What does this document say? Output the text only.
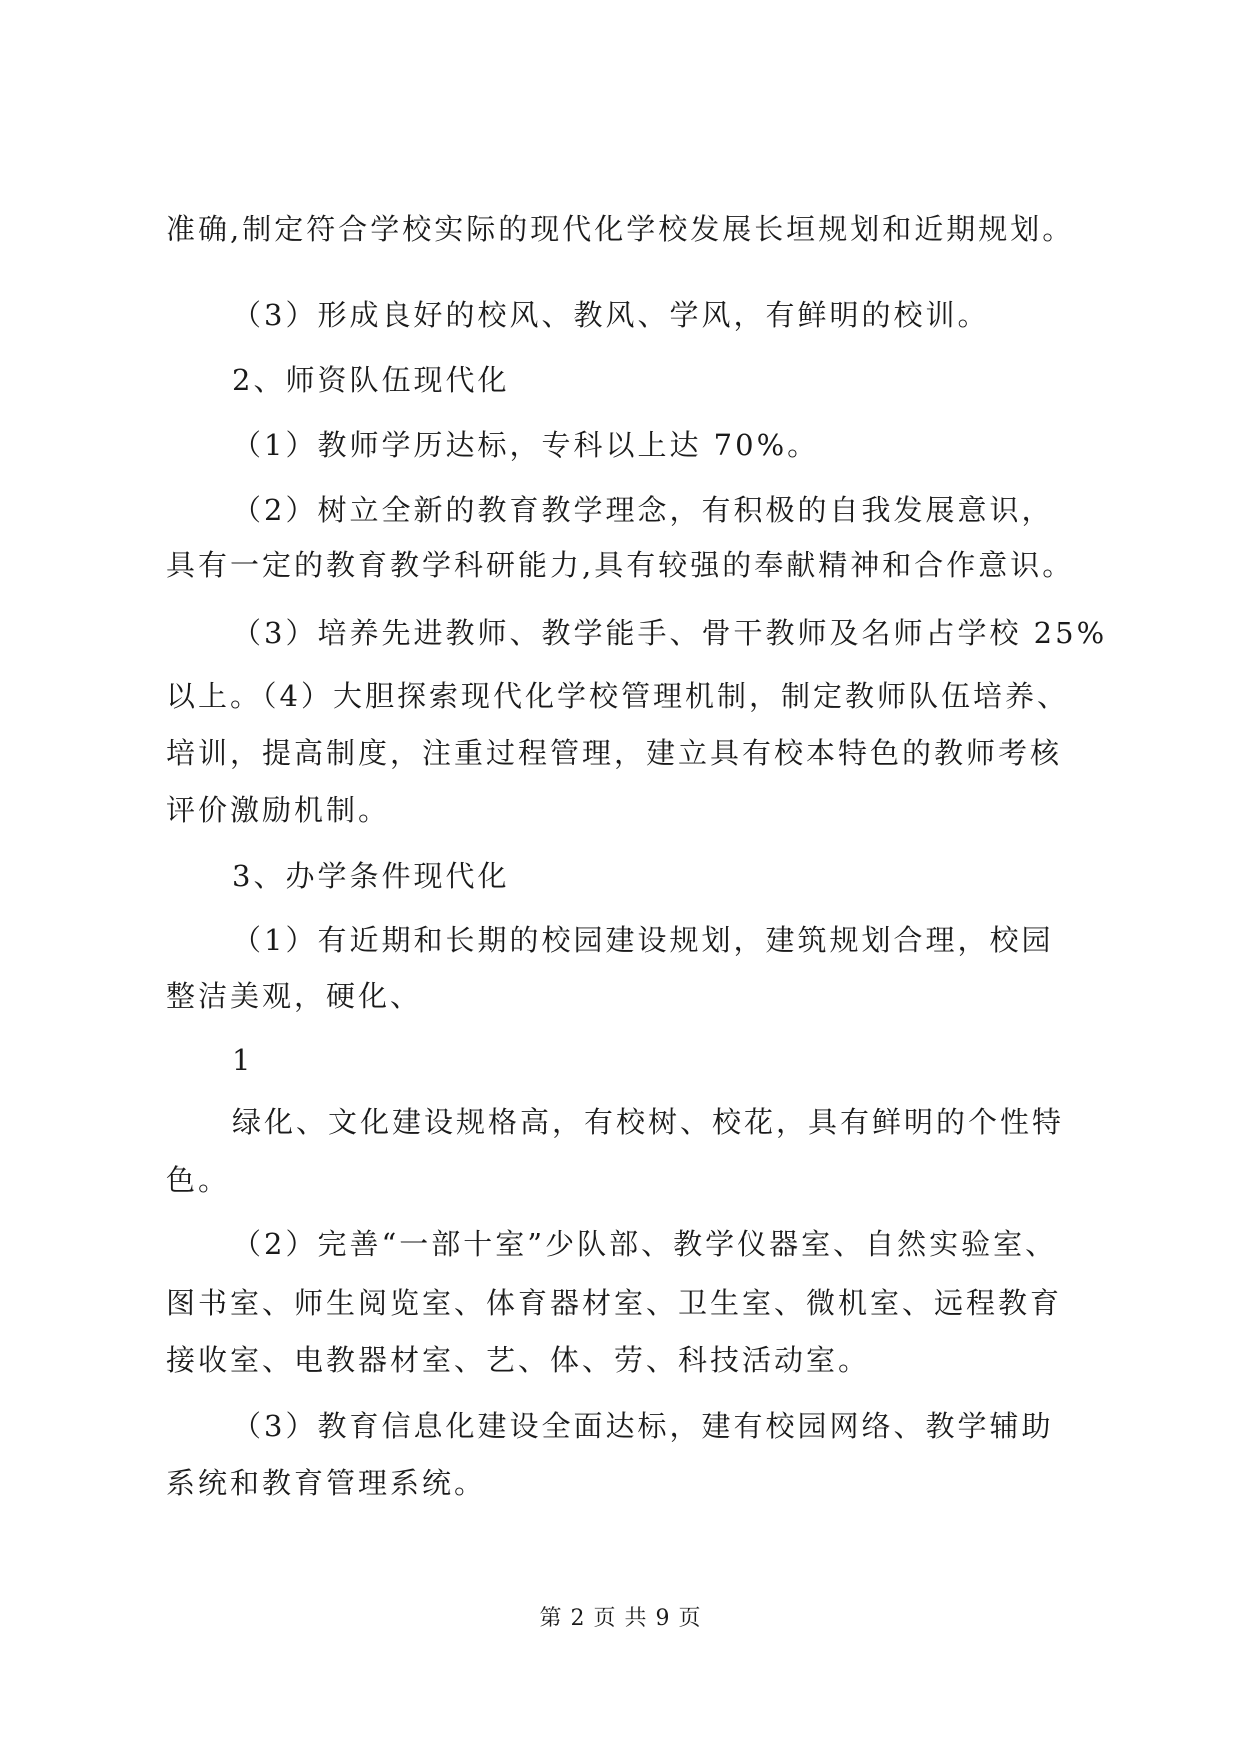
准确,制定符合学校实际的现代化学校发展长垣规划和近期规划。
（3）形成良好的校风、教风、学风，有鲜明的校训。
2、师资队伍现代化
（1）教师学历达标，专科以上达 70%。
（2）树立全新的教育教学理念，有积极的自我发展意识，
具有一定的教育教学科研能力,具有较强的奉献精神和合作意识。
（3）培养先进教师、教学能手、骨干教师及名师占学校 25%
以上。（4）大胆探索现代化学校管理机制，制定教师队伍培养、
培训，提高制度，注重过程管理，建立具有校本特色的教师考核
评价激励机制。
3、办学条件现代化
（1）有近期和长期的校园建设规划，建筑规划合理，校园
整洁美观，硬化、
1
绿化、文化建设规格高，有校树、校花，具有鲜明的个性特
色。
（2）完善“一部十室”少队部、教学仪器室、自然实验室、
图书室、师生阅览室、体育器材室、卫生室、微机室、远程教育
接收室、电教器材室、艺、体、劳、科技活动室。
（3）教育信息化建设全面达标，建有校园网络、教学辅助
系统和教育管理系统。
第 2 页 共 9 页
